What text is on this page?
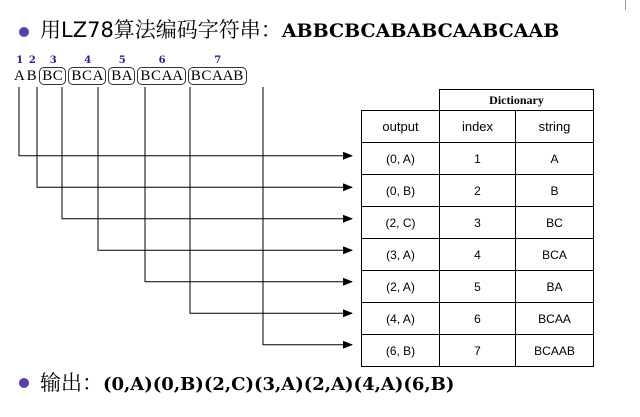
用LZ78算法编码字符串：ABBCBCABABCAABCAAB
1
A
2
B
3
B C
4
B C A
5
B A
6
B C A A
7
B C A A B
	Dictionary	
output	index	string
(0, A)	1	A
(0, B)	2	B
(2, C)	3	BC
(3, A)	4	BCA
(2, A)	5	BA
(4, A)	6	BCAA
(6, B)	7	BCAAB
输出：(0,A)(0,B)(2,C)(3,A)(2,A)(4,A)(6,B)
